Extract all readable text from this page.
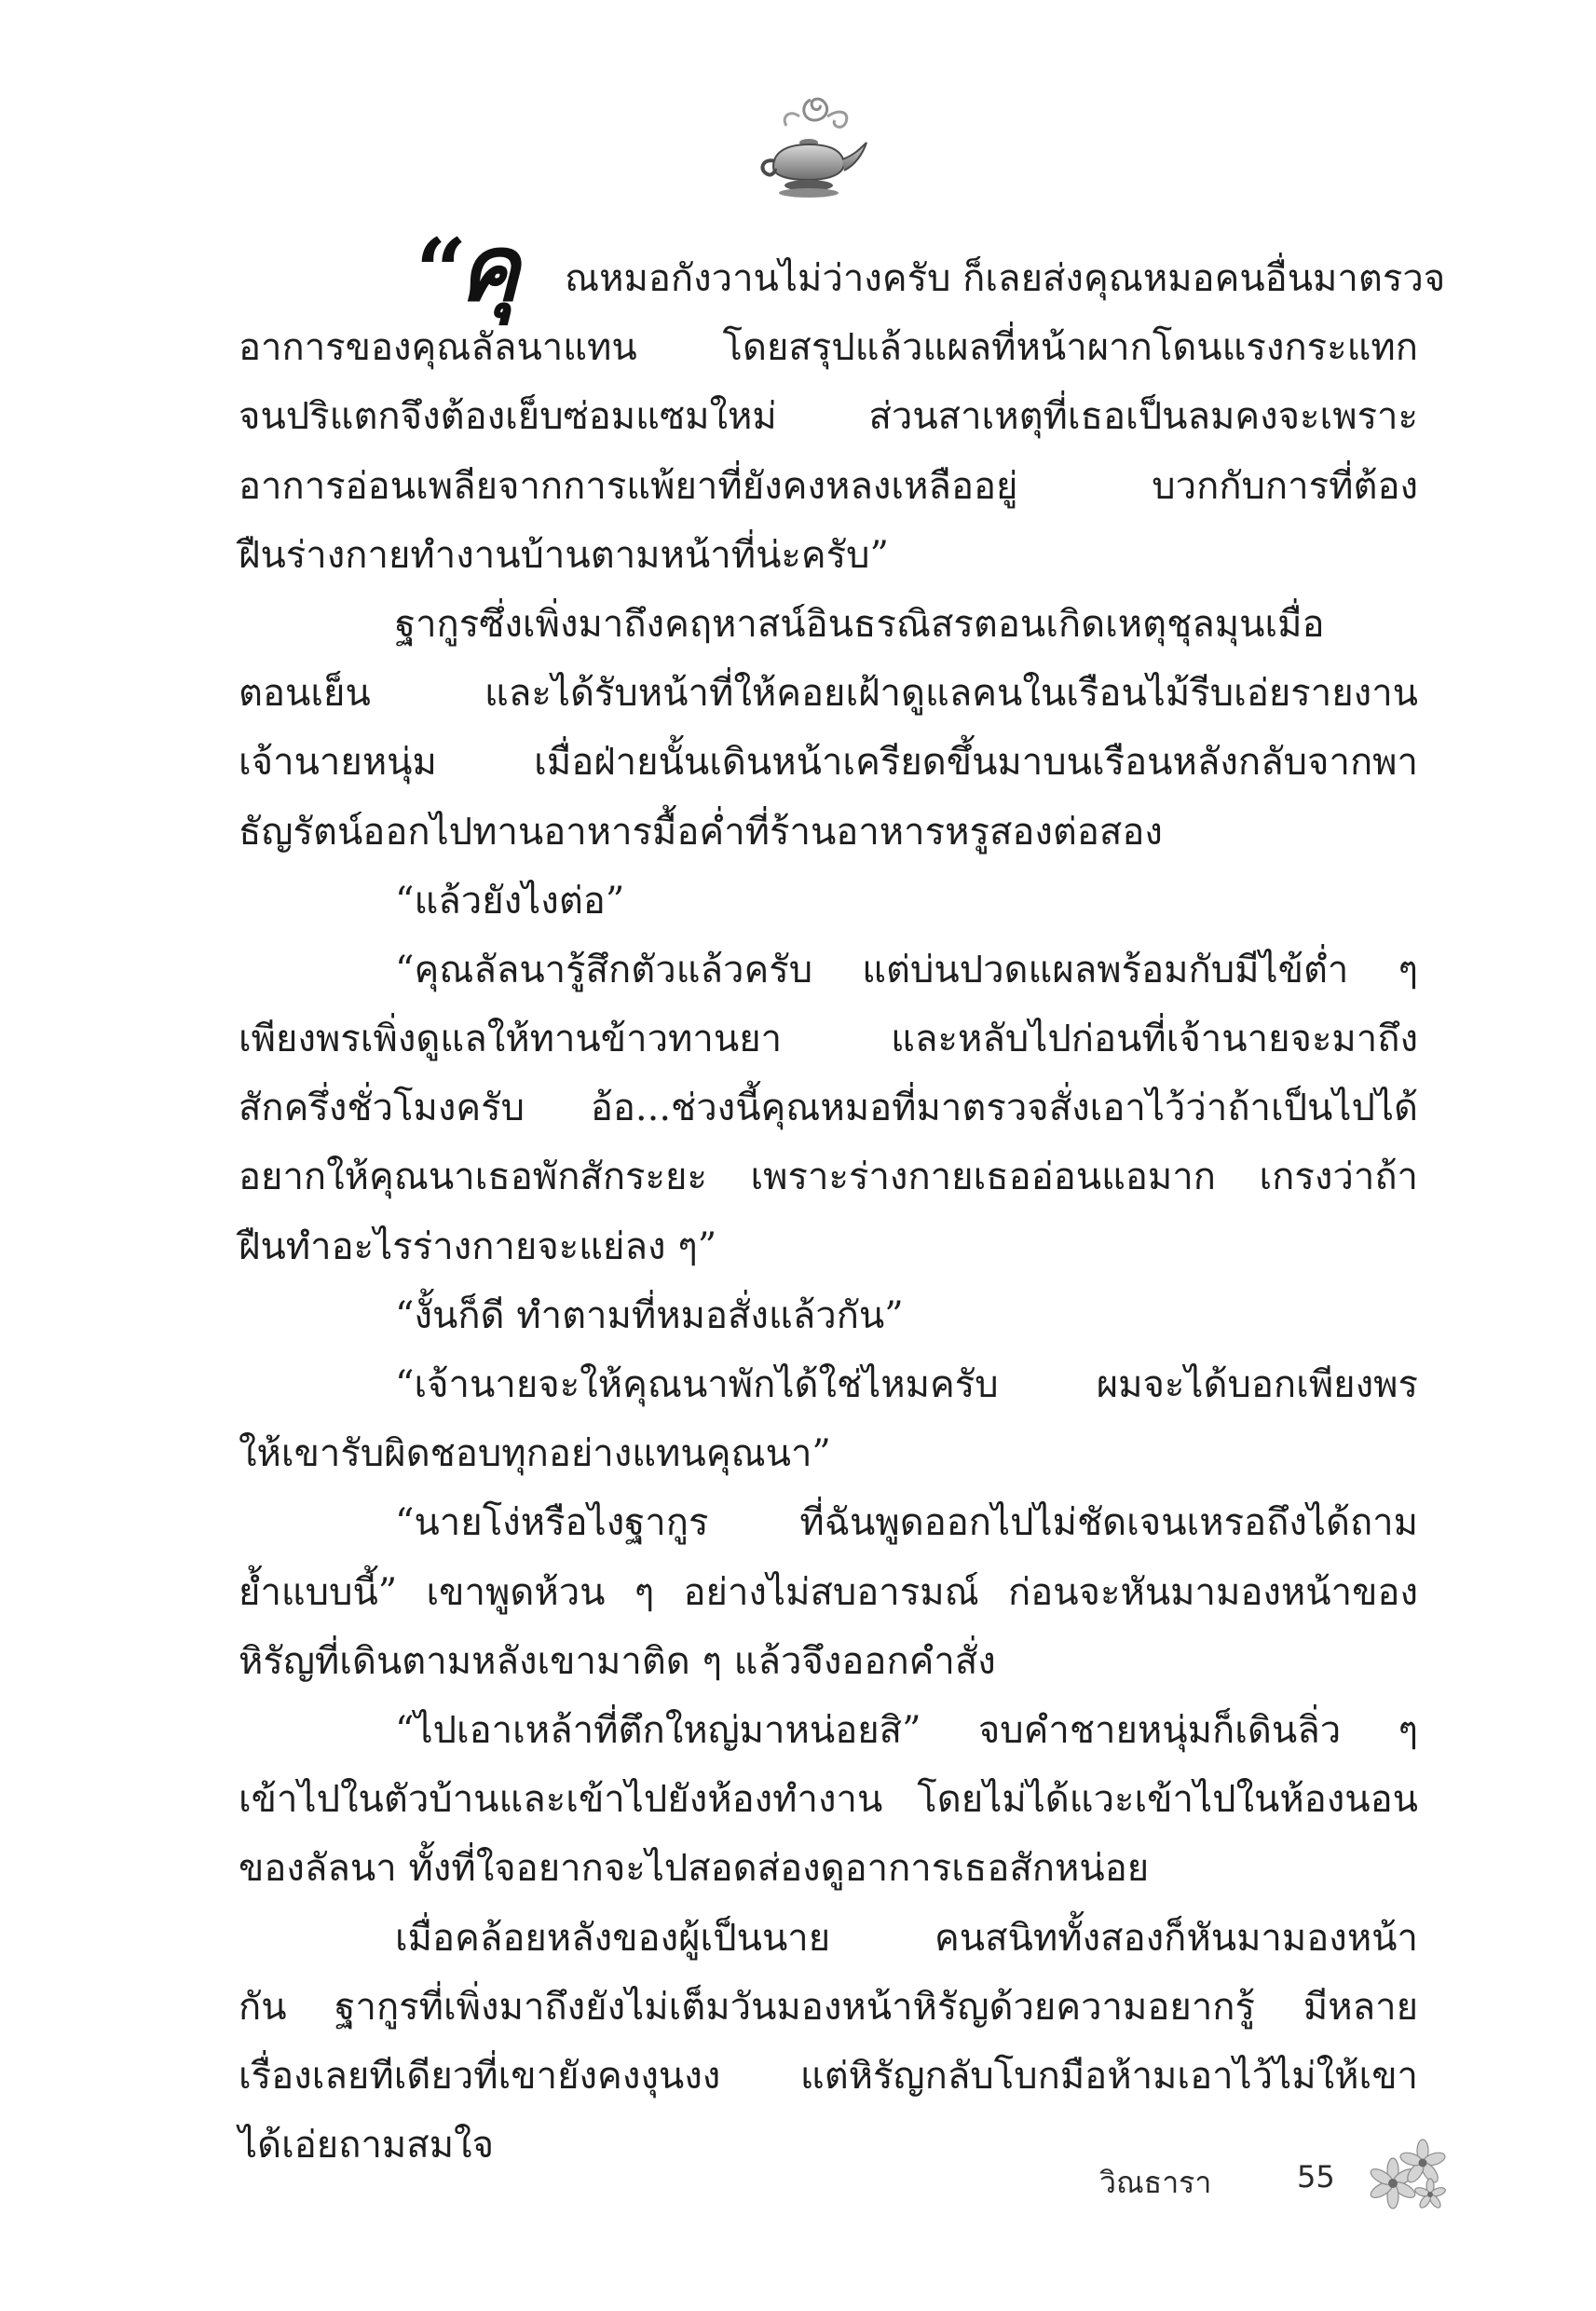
“
คุ ณหมอกังวานไม่ว่างครับ ก็เลยส่งคุณหมอคนอื่นมาตรวจ
อาการของคุณลัลนาแทน โดยสรุปแล้วแผลที่หน้าผากโดนแรงกระแทก
จนปริแตกจึงต้องเย็บซ่อมแซมใหม่ ส่วนสาเหตุที่เธอเป็นลมคงจะเพราะ
อาการอ่อนเพลียจากการแพ้ยาที่ยังคงหลงเหลืออยู่ บวกกับการที่ต้อง
ฝืนร่างกายทำงานบ้านตามหน้าที่น่ะครับ”
ฐากูรซึ่งเพิ่งมาถึงคฤหาสน์อินธรณิสรตอนเกิดเหตุชุลมุนเมื่อ
ตอนเย็น และได้รับหน้าที่ให้คอยเฝ้าดูแลคนในเรือนไม้รีบเอ่ยรายงาน
เจ้านายหนุ่ม เมื่อฝ่ายนั้นเดินหน้าเครียดขึ้นมาบนเรือนหลังกลับจากพา
ธัญรัตน์ออกไปทานอาหารมื้อค่ำที่ร้านอาหารหรูสองต่อสอง
“แล้วยังไงต่อ”
“คุณลัลนารู้สึกตัวแล้วครับ แต่บ่นปวดแผลพร้อมกับมีไข้ต่ำ ๆ
เพียงพรเพิ่งดูแลให้ทานข้าวทานยา และหลับไปก่อนที่เจ้านายจะมาถึง
สักครึ่งชั่วโมงครับ อ้อ...ช่วงนี้คุณหมอที่มาตรวจสั่งเอาไว้ว่าถ้าเป็นไปได้
อยากให้คุณนาเธอพักสักระยะ เพราะร่างกายเธออ่อนแอมาก เกรงว่าถ้า
ฝืนทำอะไรร่างกายจะแย่ลง ๆ”
“งั้นก็ดี ทำตามที่หมอสั่งแล้วกัน”
“เจ้านายจะให้คุณนาพักได้ใช่ไหมครับ ผมจะได้บอกเพียงพร
ให้เขารับผิดชอบทุกอย่างแทนคุณนา”
“นายโง่หรือไงฐากูร ที่ฉันพูดออกไปไม่ชัดเจนเหรอถึงได้ถาม
ย้ำแบบนี้” เขาพูดห้วน ๆ อย่างไม่สบอารมณ์ ก่อนจะหันมามองหน้าของ
หิรัญที่เดินตามหลังเขามาติด ๆ แล้วจึงออกคำสั่ง
“ไปเอาเหล้าที่ตึกใหญ่มาหน่อยสิ” จบคำชายหนุ่มก็เดินลิ่ว ๆ
เข้าไปในตัวบ้านและเข้าไปยังห้องทำงาน โดยไม่ได้แวะเข้าไปในห้องนอน
ของลัลนา ทั้งที่ใจอยากจะไปสอดส่องดูอาการเธอสักหน่อย
เมื่อคล้อยหลังของผู้เป็นนาย คนสนิททั้งสองก็หันมามองหน้า
กัน ฐากูรที่เพิ่งมาถึงยังไม่เต็มวันมองหน้าหิรัญด้วยความอยากรู้ มีหลาย
เรื่องเลยทีเดียวที่เขายังคงงุนงง แต่หิรัญกลับโบกมือห้ามเอาไว้ไม่ให้เขา
ได้เอ่ยถามสมใจ
วิณธารา	55
